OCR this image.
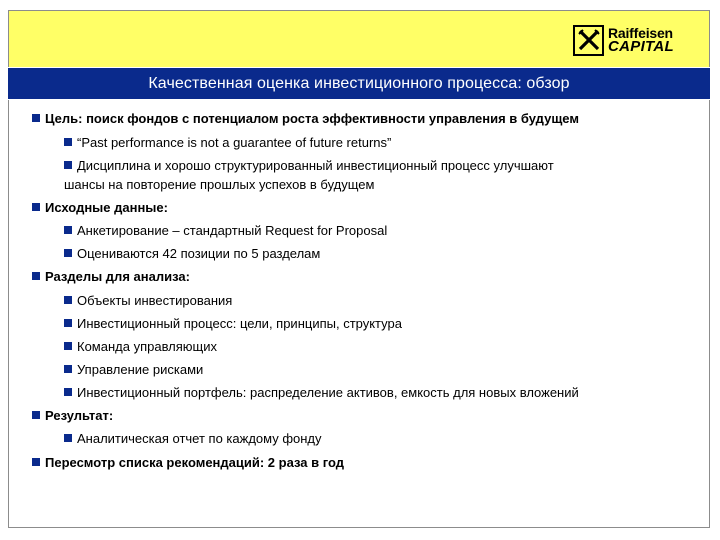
Raiffeisen
CAPITAL
Качественная оценка инвестиционного процесса: обзор
Цель: поиск фондов с потенциалом роста эффективности управления в будущем
“Past performance is not a guarantee of future returns”
Дисциплина и хорошо структурированный инвестиционный процесс улучшают
шансы на повторение прошлых успехов в будущем
Исходные данные:
Анкетирование – стандартный Request for Proposal
Оцениваются 42 позиции по 5 разделам
Разделы для анализа:
Объекты инвестирования
Инвестиционный процесс: цели, принципы, структура
Команда управляющих
Управление рисками
Инвестиционный портфель: распределение активов, емкость для новых вложений
Результат:
Аналитическая отчет по каждому фонду
Пересмотр списка рекомендаций: 2 раза в год
